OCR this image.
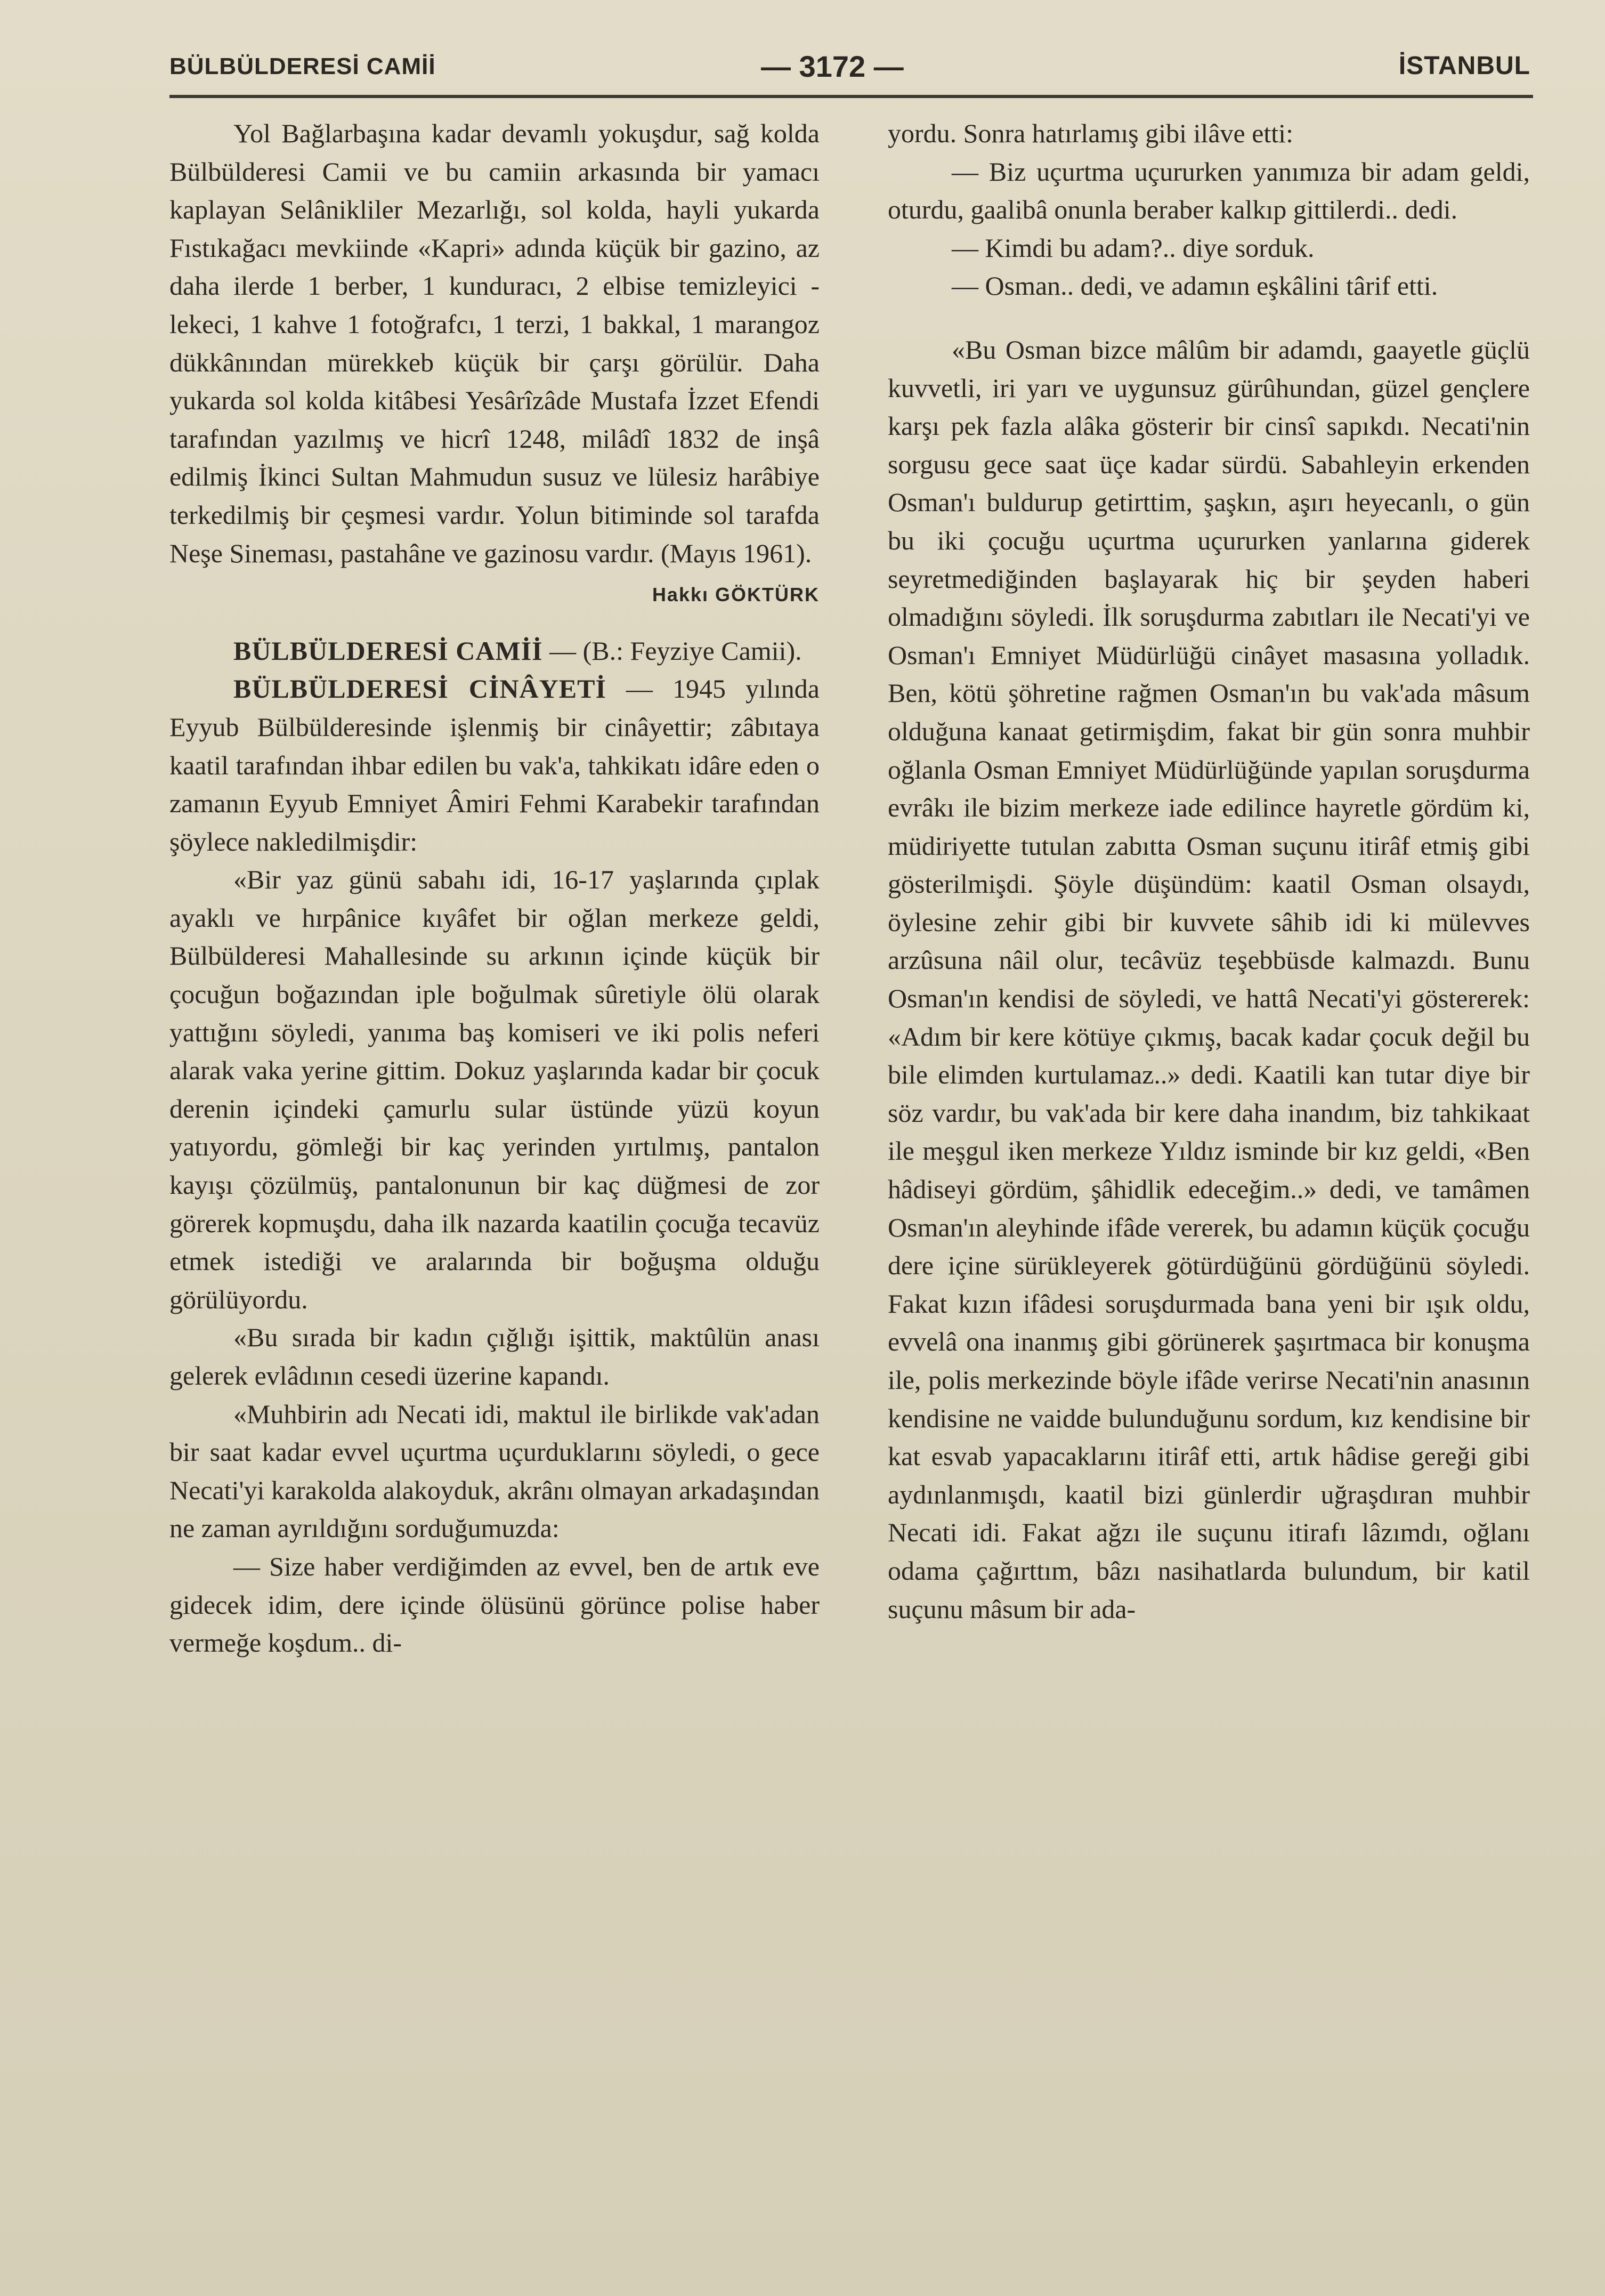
BÜLBÜLDERESİ CAMİİ	— 3172 —	İSTANBUL

Yol Bağlarbaşına kadar devamlı yokuşdur, sağ kolda Bülbülderesi Camii ve bu camiin arkasında bir yamacı kaplayan Selânikliler Mezarlığı, sol kolda, hayli yukarda Fıstıkağacı mevkiinde «Kapri» adında küçük bir gazino, az daha ilerde 1 berber, 1 kunduracı, 2 elbise temizleyici - lekeci, 1 kahve 1 fotoğrafcı, 1 terzi, 1 bakkal, 1 marangoz dükkânından mürekkeb küçük bir çarşı görülür. Daha yukarda sol kolda kitâbesi Yesârîzâde Mustafa İzzet Efendi tarafından yazılmış ve hicrî 1248, milâdî 1832 de inşâ edilmiş İkinci Sultan Mahmudun susuz ve lülesiz harâbiye terkedilmiş bir çeşmesi vardır. Yolun bitiminde sol tarafda Neşe Sineması, pastahâne ve gazinosu vardır. (Mayıs 1961).

Hakkı GÖKTÜRK

BÜLBÜLDERESİ CAMİİ — (B.: Feyziye Camii).

BÜLBÜLDERESİ CİNÂYETİ — 1945 yılında Eyyub Bülbülderesinde işlenmiş bir cinâyettir; zâbıtaya kaatil tarafından ihbar edilen bu vak'a, tahkikatı idâre eden o zamanın Eyyub Emniyet Âmiri Fehmi Karabekir tarafından şöylece nakledilmişdir:

«Bir yaz günü sabahı idi, 16-17 yaşlarında çıplak ayaklı ve hırpânice kıyâfet bir oğlan merkeze geldi, Bülbülderesi Mahallesinde su arkının içinde küçük bir çocuğun boğazından iple boğulmak sûretiyle ölü olarak yattığını söyledi, yanıma baş komiseri ve iki polis neferi alarak vaka yerine gittim. Dokuz yaşlarında kadar bir çocuk derenin içindeki çamurlu sular üstünde yüzü koyun yatıyordu, gömleği bir kaç yerinden yırtılmış, pantalon kayışı çözülmüş, pantalonunun bir kaç düğmesi de zor görerek kopmuşdu, daha ilk nazarda kaatilin çocuğa tecavüz etmek istediği ve aralarında bir boğuşma olduğu görülüyordu.

«Bu sırada bir kadın çığlığı işittik, maktûlün anası gelerek evlâdının cesedi üzerine kapandı.

«Muhbirin adı Necati idi, maktul ile birlikde vak'adan bir saat kadar evvel uçurtma uçurduklarını söyledi, o gece Necati'yi karakolda alakoyduk, akrânı olmayan arkadaşından ne zaman ayrıldığını sorduğumuzda:

— Size haber verdiğimden az evvel, ben de artık eve gidecek idim, dere içinde ölüsünü görünce polise haber vermeğe koşdum.. di-

yordu. Sonra hatırlamış gibi ilâve etti:

— Biz uçurtma uçururken yanımıza bir adam geldi, oturdu, gaalibâ onunla beraber kalkıp gittilerdi.. dedi.

— Kimdi bu adam?.. diye sorduk.

— Osman.. dedi, ve adamın eşkâlini târif etti.

«Bu Osman bizce mâlûm bir adamdı, gaayetle güçlü kuvvetli, iri yarı ve uygunsuz gürûhundan, güzel gençlere karşı pek fazla alâka gösterir bir cinsî sapıkdı. Necati'nin sorgusu gece saat üçe kadar sürdü. Sabahleyin erkenden Osman'ı buldurup getirttim, şaşkın, aşırı heyecanlı, o gün bu iki çocuğu uçurtma uçururken yanlarına giderek seyretmediğinden başlayarak hiç bir şeyden haberi olmadığını söyledi. İlk soruşdurma zabıtları ile Necati'yi ve Osman'ı Emniyet Müdürlüğü cinâyet masasına yolladık. Ben, kötü şöhretine rağmen Osman'ın bu vak'ada mâsum olduğuna kanaat getirmişdim, fakat bir gün sonra muhbir oğlanla Osman Emniyet Müdürlüğünde yapılan soruşdurma evrâkı ile bizim merkeze iade edilince hayretle gördüm ki, müdiriyette tutulan zabıtta Osman suçunu itirâf etmiş gibi gösterilmişdi. Şöyle düşündüm: kaatil Osman olsaydı, öylesine zehir gibi bir kuvvete sâhib idi ki mülevves arzûsuna nâil olur, tecâvüz teşebbüsde kalmazdı. Bunu Osman'ın kendisi de söyledi, ve hattâ Necati'yi göstererek: «Adım bir kere kötüye çıkmış, bacak kadar çocuk değil bu bile elimden kurtulamaz..» dedi. Kaatili kan tutar diye bir söz vardır, bu vak'ada bir kere daha inandım, biz tahkikaat ile meşgul iken merkeze Yıldız isminde bir kız geldi, «Ben hâdiseyi gördüm, şâhidlik edeceğim..» dedi, ve tamâmen Osman'ın aleyhinde ifâde vererek, bu adamın küçük çocuğu dere içine sürükleyerek götürdüğünü gördüğünü söyledi. Fakat kızın ifâdesi soruşdurmada bana yeni bir ışık oldu, evvelâ ona inanmış gibi görünerek şaşırtmaca bir konuşma ile, polis merkezinde böyle ifâde verirse Necati'nin anasının kendisine ne vaidde bulunduğunu sordum, kız kendisine bir kat esvab yapacaklarını itirâf etti, artık hâdise gereği gibi aydınlanmışdı, kaatil bizi günlerdir uğraşdıran muhbir Necati idi. Fakat ağzı ile suçunu itirafı lâzımdı, oğlanı odama çağırttım, bâzı nasihatlarda bulundum, bir katil suçunu mâsum bir ada-
